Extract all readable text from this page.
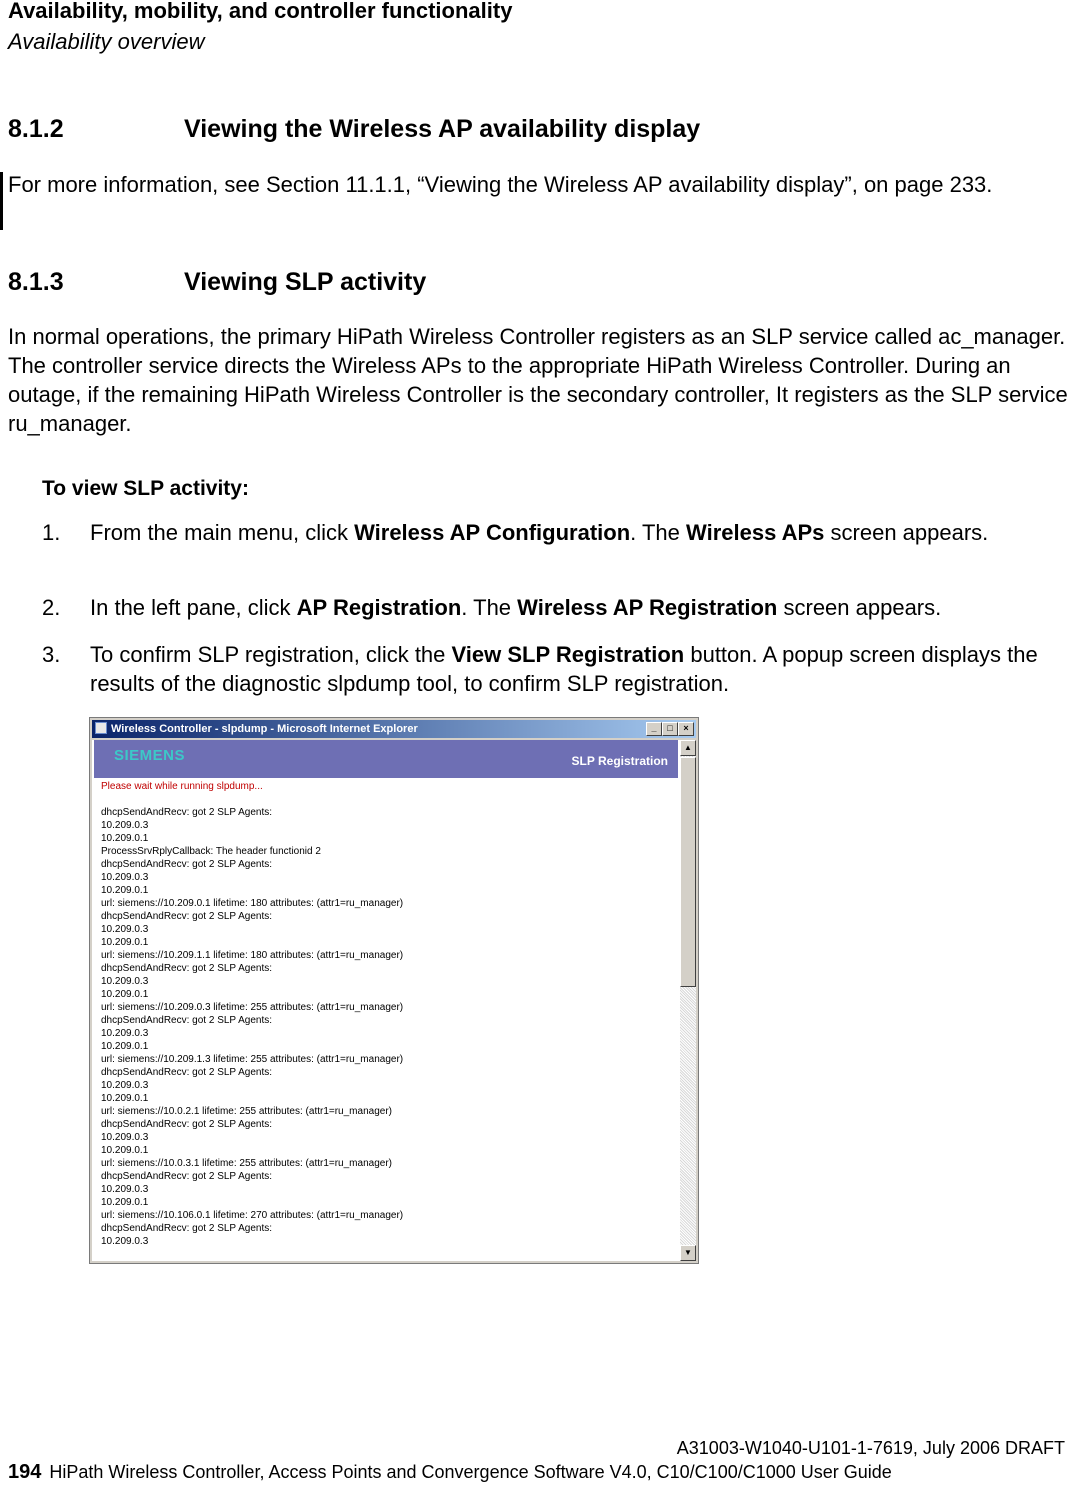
Availability, mobility, and controller functionality
Availability overview
8.1.2	Viewing the Wireless AP availability display
For more information, see Section 11.1.1, “Viewing the Wireless AP availability display”, on page 233.
8.1.3	Viewing SLP activity
In normal operations, the primary HiPath Wireless Controller registers as an SLP service called ac_manager. The controller service directs the Wireless APs to the appropriate HiPath Wireless Controller. During an outage, if the remaining HiPath Wireless Controller is the secondary controller, It registers as the SLP service ru_manager.
To view SLP activity:
1.	From the main menu, click Wireless AP Configuration. The Wireless APs screen appears.
2.	In the left pane, click AP Registration. The Wireless AP Registration screen appears.
3.	To confirm SLP registration, click the View SLP Registration button. A popup screen displays the results of the diagnostic slpdump tool, to confirm SLP registration.
Wireless Controller - slpdump - Microsoft Internet Explorer	_	□	×
SIEMENS	SLP Registration
Please wait while running slpdump...
dhcpSendAndRecv: got 2 SLP Agents:
10.209.0.3
10.209.0.1
ProcessSrvRplyCallback: The header functionid 2
dhcpSendAndRecv: got 2 SLP Agents:
10.209.0.3
10.209.0.1
url: siemens://10.209.0.1 lifetime: 180 attributes: (attr1=ru_manager)
dhcpSendAndRecv: got 2 SLP Agents:
10.209.0.3
10.209.0.1
url: siemens://10.209.1.1 lifetime: 180 attributes: (attr1=ru_manager)
dhcpSendAndRecv: got 2 SLP Agents:
10.209.0.3
10.209.0.1
url: siemens://10.209.0.3 lifetime: 255 attributes: (attr1=ru_manager)
dhcpSendAndRecv: got 2 SLP Agents:
10.209.0.3
10.209.0.1
url: siemens://10.209.1.3 lifetime: 255 attributes: (attr1=ru_manager)
dhcpSendAndRecv: got 2 SLP Agents:
10.209.0.3
10.209.0.1
url: siemens://10.0.2.1 lifetime: 255 attributes: (attr1=ru_manager)
dhcpSendAndRecv: got 2 SLP Agents:
10.209.0.3
10.209.0.1
url: siemens://10.0.3.1 lifetime: 255 attributes: (attr1=ru_manager)
dhcpSendAndRecv: got 2 SLP Agents:
10.209.0.3
10.209.0.1
url: siemens://10.106.0.1 lifetime: 270 attributes: (attr1=ru_manager)
dhcpSendAndRecv: got 2 SLP Agents:
10.209.0.3
▲
▼
A31003-W1040-U101-1-7619, July 2006 DRAFT
194 HiPath Wireless Controller, Access Points and Convergence Software V4.0, C10/C100/C1000 User Guide
